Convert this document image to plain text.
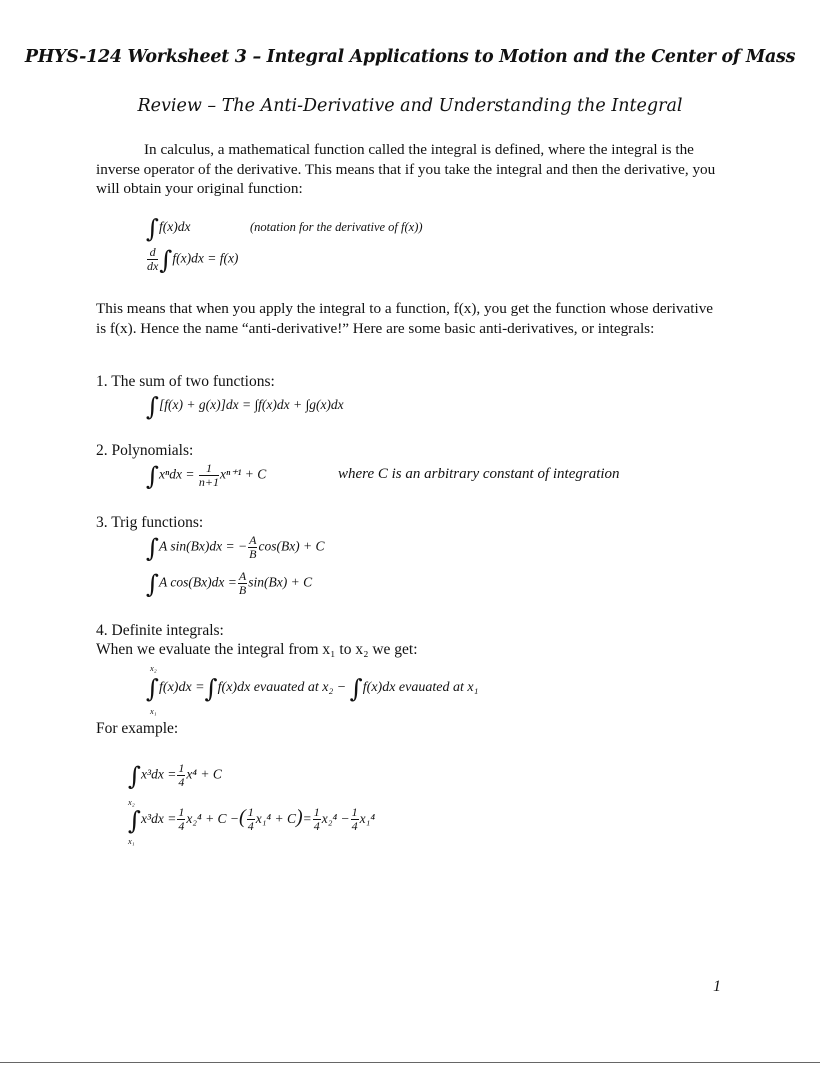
PHYS-124 Worksheet 3 – Integral Applications to Motion and the Center of Mass
Review – The Anti-Derivative and Understanding the Integral
In calculus, a mathematical function called the integral is defined, where the integral is the inverse operator of the derivative. This means that if you take the integral and then the derivative, you will obtain your original function:
∫f(x)dx	(notation for the derivative of f(x))
$\frac{d}{dx} \int f(x)dx = f(x)$
This means that when you apply the integral to a function, f(x), you get the function whose derivative is f(x). Hence the name “anti-derivative!” Here are some basic anti-derivatives, or integrals:
1. The sum of two functions:
∫[f(x) + g(x)]dx = ∫f(x)dx + ∫g(x)dx
2. Polynomials:
$\int x^ndx = \frac{1}{n+1} x^{n+1} + C$	where C is an arbitrary constant of integration
3. Trig functions:
∫A sin(Bx)dx = − $\frac{A}{B} \cos(Bx) + C$
∫A $\cos(Bx)dx = \frac{A}{B} \sin(Bx) + C$
4. Definite integrals:
When we evaluate the integral from x₁ to x₂ we get:
x₂
x₁
∫f(x)dx =∫f(x)dx evauated at x₂ − ∫f(x)dx evauated at x₁
For example:
$\int x^3dx = \frac{1}{4} x^4 + C$
x₂
x₁
$\int x^3dx = \frac{1}{4} x_2^4 + C$ −( $\frac{1}{4} x_1^4 + C)= \frac{1}{4} x_2^4 - \frac{1}{4} x_1^4$
1
